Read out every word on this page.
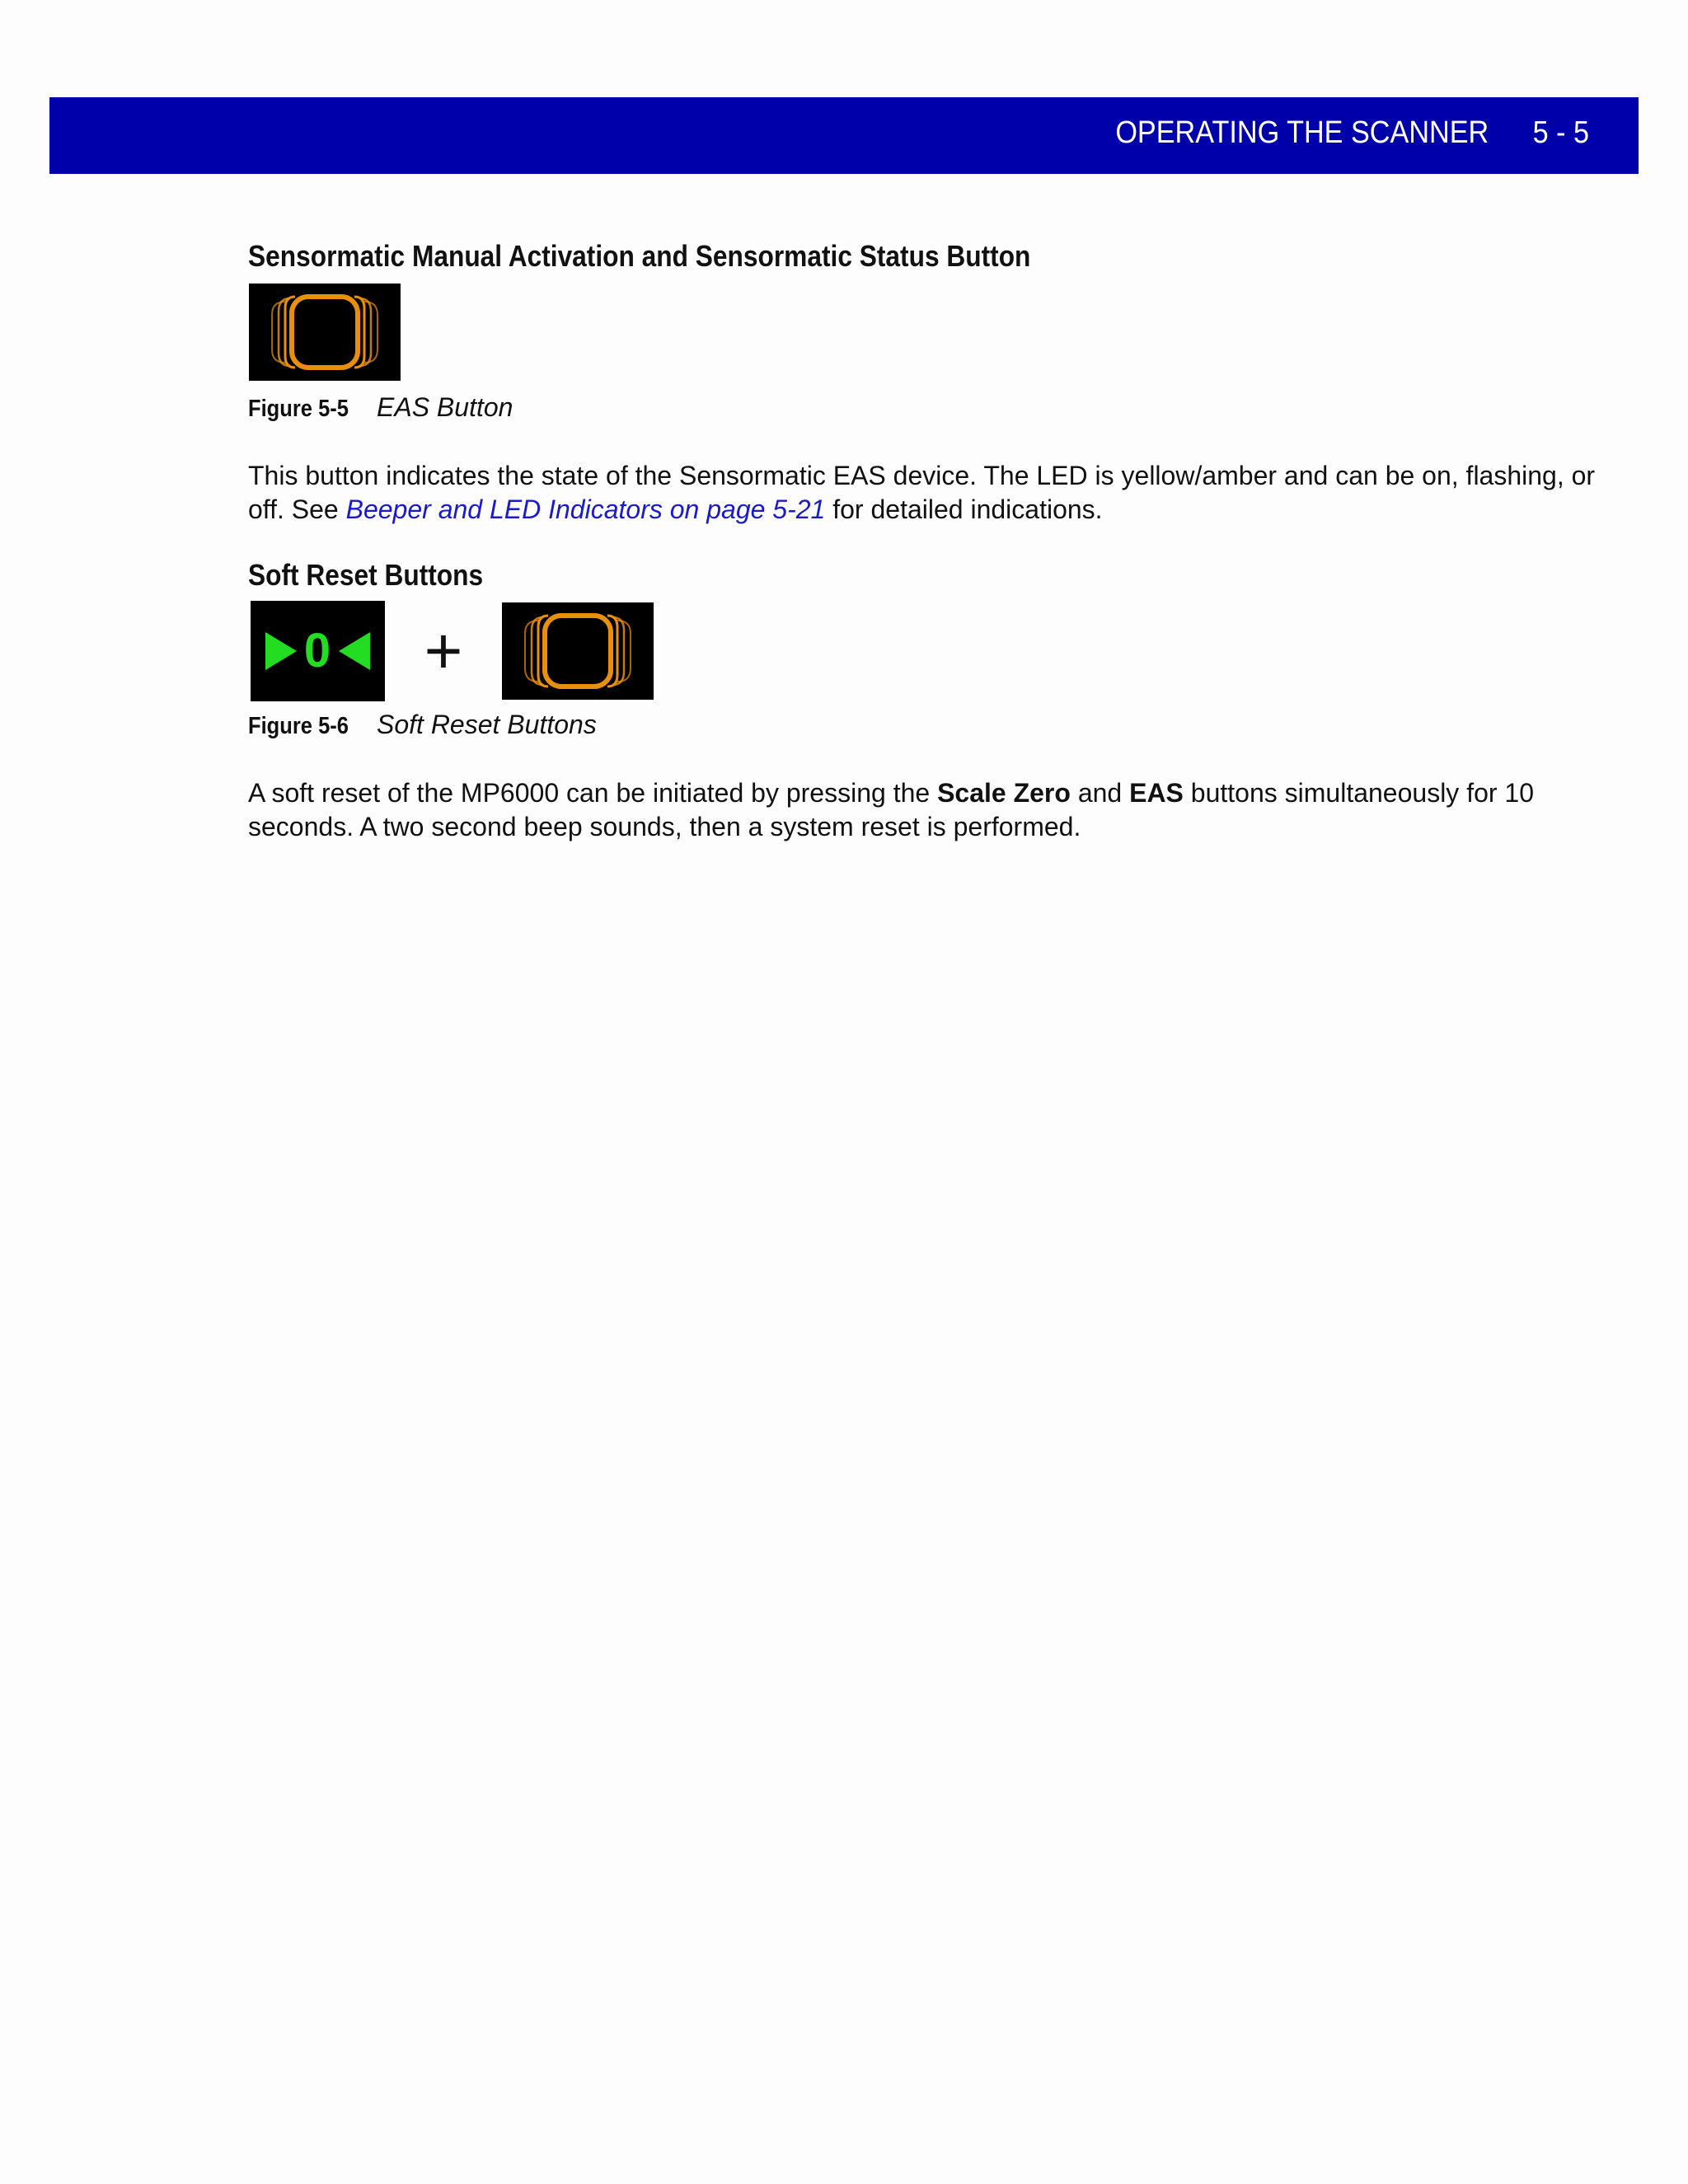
OPERATING THE SCANNER 5 - 5
Sensormatic Manual Activation and Sensormatic Status Button
Figure 5-5	EAS Button

This button indicates the state of the Sensormatic EAS device. The LED is yellow/amber and can be on, flashing, or off. See Beeper and LED Indicators on page 5-21 for detailed indications.

Soft Reset Buttons
0	+
Figure 5-6	Soft Reset Buttons

A soft reset of the MP6000 can be initiated by pressing the Scale Zero and EAS buttons simultaneously for 10 seconds. A two second beep sounds, then a system reset is performed.
